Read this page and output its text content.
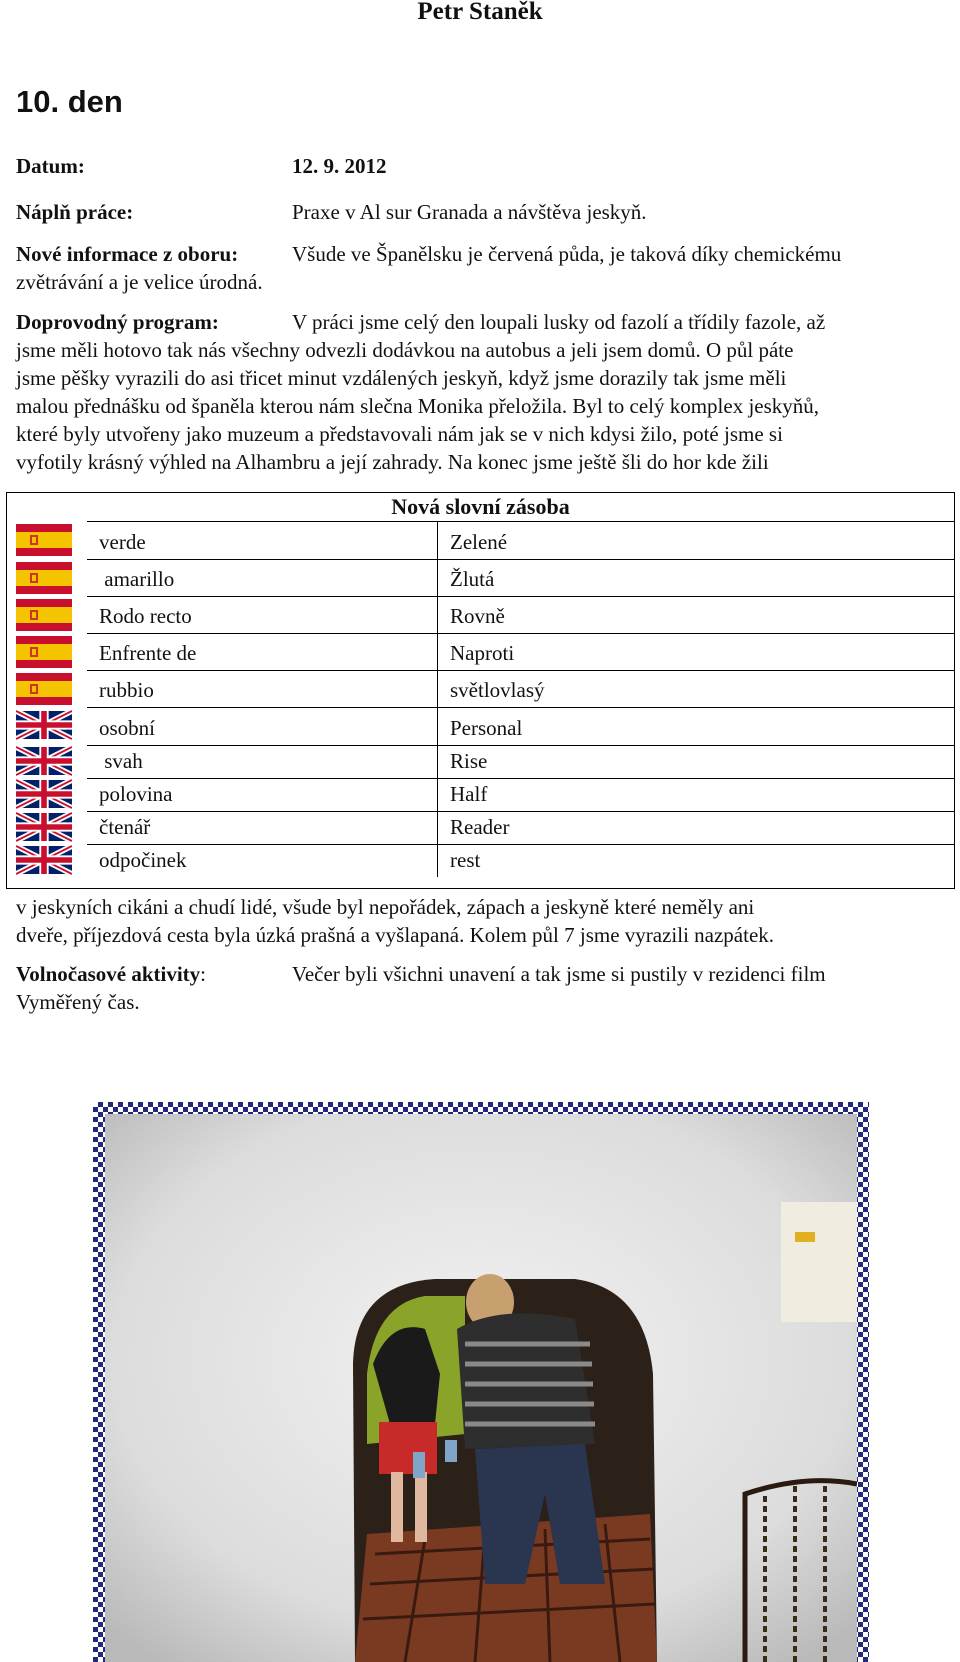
Petr Staněk
10. den
Datum:	12. 9. 2012
Náplň práce:	Praxe v Al sur Granada a návštěva jeskyň.
Nové informace z oboru:	Všude ve Španělsku je červená půda, je taková díky chemickému
zvětrávání a je velice úrodná.
Doprovodný program:	V práci jsme celý den loupali lusky od fazolí a třídily fazole, až
jsme měli hotovo tak nás všechny odvezli dodávkou na autobus a jeli jsem domů. O půl páte
jsme pěšky vyrazili do asi třicet minut vzdálených jeskyň, když jsme dorazily tak jsme měli
malou přednášku od španěla kterou nám slečna Monika přeložila. Byl to celý komplex jeskyňů,
které byly utvořeny jako muzeum a představovali nám jak se v nich kdysi žilo, poté jsme si
vyfotily krásný výhled na Alhambru a její zahrady. Na konec jsme ještě šli do hor kde žili
Nová slovní zásoba
verde	Zelené
amarillo	Žlutá
Rodo recto	Rovně
Enfrente de	Naproti
rubbio	světlovlasý
osobní	Personal
svah	Rise
polovina	Half
čtenář	Reader
odpočinek	rest
v jeskyních cikáni a chudí lidé, všude byl nepořádek, zápach a jeskyně které neměly ani
dveře, příjezdová cesta byla úzká prašná a vyšlapaná. Kolem půl 7 jsme vyrazili nazpátek.
Volnočasové aktivity:	Večer byli všichni unavení a tak jsme si pustily v rezidenci film
Vyměřený čas.
